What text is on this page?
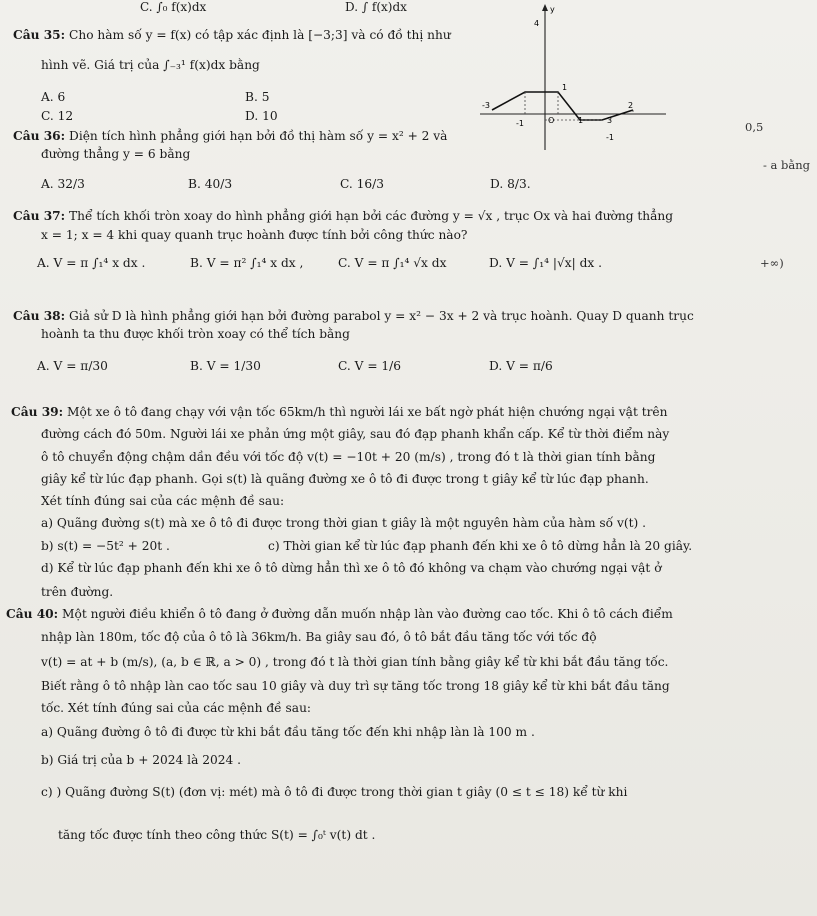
C. ∫₀ f(x)dx	D. ∫ f(x)dx	y
4
1
2
-3
-1	O	1	3
-1
0,5
- a bằng
+∞)
Câu 35: Cho hàm số y = f(x) có tập xác định là [−3;3] và có đồ thị như
hình vẽ. Giá trị của ∫₋₃¹ f(x)dx bằng
A. 6	B. 5
C. 12	D. 10
Câu 36: Diện tích hình phẳng giới hạn bởi đồ thị hàm số y = x² + 2 và
đường thẳng y = 6 bằng
A. 32/3	B. 40/3	C. 16/3	D. 8/3.
Câu 37: Thể tích khối tròn xoay do hình phẳng giới hạn bởi các đường y = √x , trục Ox và hai đường thẳng
x = 1; x = 4 khi quay quanh trục hoành được tính bởi công thức nào?
A. V = π ∫₁⁴ x dx .	B. V = π² ∫₁⁴ x dx ,	C. V = π ∫₁⁴ √x dx	D. V = ∫₁⁴ |√x| dx .
Câu 38: Giả sử D là hình phẳng giới hạn bởi đường parabol y = x² − 3x + 2 và trục hoành. Quay D quanh trục
hoành ta thu được khối tròn xoay có thể tích bằng
A. V = π/30	B. V = 1/30	C. V = 1/6	D. V = π/6
Câu 39: Một xe ô tô đang chạy với vận tốc 65km/h thì người lái xe bất ngờ phát hiện chướng ngại vật trên
đường cách đó 50m. Người lái xe phản ứng một giây, sau đó đạp phanh khẩn cấp. Kể từ thời điểm này
ô tô chuyển động chậm dần đều với tốc độ v(t) = −10t + 20 (m/s) , trong đó t là thời gian tính bằng
giây kể từ lúc đạp phanh. Gọi s(t) là quãng đường xe ô tô đi được trong t giây kể từ lúc đạp phanh.
Xét tính đúng sai của các mệnh đề sau:
a) Quãng đường s(t) mà xe ô tô đi được trong thời gian t giây là một nguyên hàm của hàm số v(t) .
b) s(t) = −5t² + 20t .	c) Thời gian kể từ lúc đạp phanh đến khi xe ô tô dừng hẳn là 20 giây.
d) Kể từ lúc đạp phanh đến khi xe ô tô dừng hẳn thì xe ô tô đó không va chạm vào chướng ngại vật ở
trên đường.
Câu 40: Một người điều khiển ô tô đang ở đường dẫn muốn nhập làn vào đường cao tốc. Khi ô tô cách điểm
nhập làn 180m, tốc độ của ô tô là 36km/h. Ba giây sau đó, ô tô bắt đầu tăng tốc với tốc độ
v(t) = at + b (m/s), (a, b ∈ ℝ, a > 0) , trong đó t là thời gian tính bằng giây kể từ khi bắt đầu tăng tốc.
Biết rằng ô tô nhập làn cao tốc sau 10 giây và duy trì sự tăng tốc trong 18 giây kể từ khi bắt đầu tăng
tốc. Xét tính đúng sai của các mệnh đề sau:
a) Quãng đường ô tô đi được từ khi bắt đầu tăng tốc đến khi nhập làn là 100 m .
b) Giá trị của b + 2024 là 2024 .
c) ) Quãng đường S(t) (đơn vị: mét) mà ô tô đi được trong thời gian t giây (0 ≤ t ≤ 18) kể từ khi
tăng tốc được tính theo công thức S(t) = ∫₀ᵗ v(t) dt .
